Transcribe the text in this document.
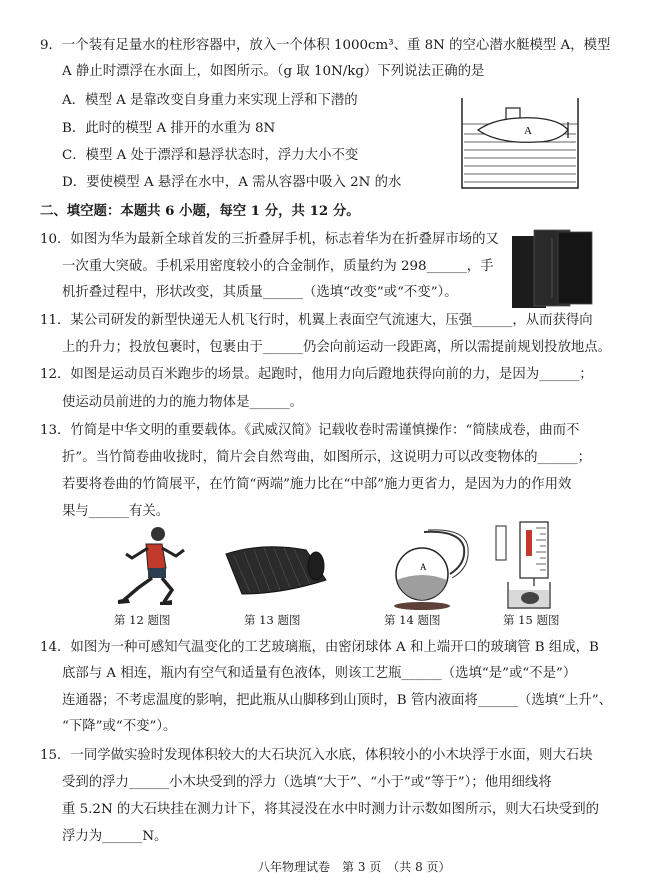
9．一个装有足量水的柱形容器中，放入一个体积 1000cm³、重 8N 的空心潜水艇模型 A，模型
A 静止时漂浮在水面上，如图所示。（g 取 10N/kg）下列说法正确的是
A．模型 A 是靠改变自身重力来实现上浮和下潜的
B．此时的模型 A 排开的水重为 8N
C．模型 A 处于漂浮和悬浮状态时，浮力大小不变
D．要使模型 A 悬浮在水中，A 需从容器中吸入 2N 的水
A
二、填空题：本题共 6 小题，每空 1 分，共 12 分。
10．如图为华为最新全球首发的三折叠屏手机，标志着华为在折叠屏市场的又
一次重大突破。手机采用密度较小的合金制作，质量约为 298______，手
机折叠过程中，形状改变，其质量______（选填“改变”或“不变”）。
11．某公司研发的新型快递无人机飞行时，机翼上表面空气流速大，压强______，从而获得向
上的升力；投放包裹时，包裹由于______仍会向前运动一段距离，所以需提前规划投放地点。
12．如图是运动员百米跑步的场景。起跑时，他用力向后蹬地获得向前的力，是因为______；
使运动员前进的力的施力物体是______。
13．竹简是中华文明的重要载体。《武威汉简》记载收卷时需谨慎操作：“简牍成卷，曲而不
折”。当竹简卷曲收拢时，简片会自然弯曲，如图所示，这说明力可以改变物体的______；
若要将卷曲的竹简展平，在竹简“两端”施力比在“中部”施力更省力，是因为力的作用效
果与______有关。
A
第 12 题图	第 13 题图	第 14 题图	第 15 题图
14．如图为一种可感知气温变化的工艺玻璃瓶，由密闭球体 A 和上端开口的玻璃管 B 组成，B
底部与 A 相连，瓶内有空气和适量有色液体，则该工艺瓶______（选填“是”或“不是”）
连通器；不考虑温度的影响，把此瓶从山脚移到山顶时，B 管内液面将______（选填“上升”、
“下降”或“不变”）。
15．一同学做实验时发现体积较大的大石块沉入水底，体积较小的小木块浮于水面，则大石块
受到的浮力______小木块受到的浮力（选填“大于”、“小于”或“等于”）；他用细线将
重 5.2N 的大石块挂在测力计下，将其浸没在水中时测力计示数如图所示，则大石块受到的
浮力为______N。
八年物理试卷　第 3 页　（共 8 页）
